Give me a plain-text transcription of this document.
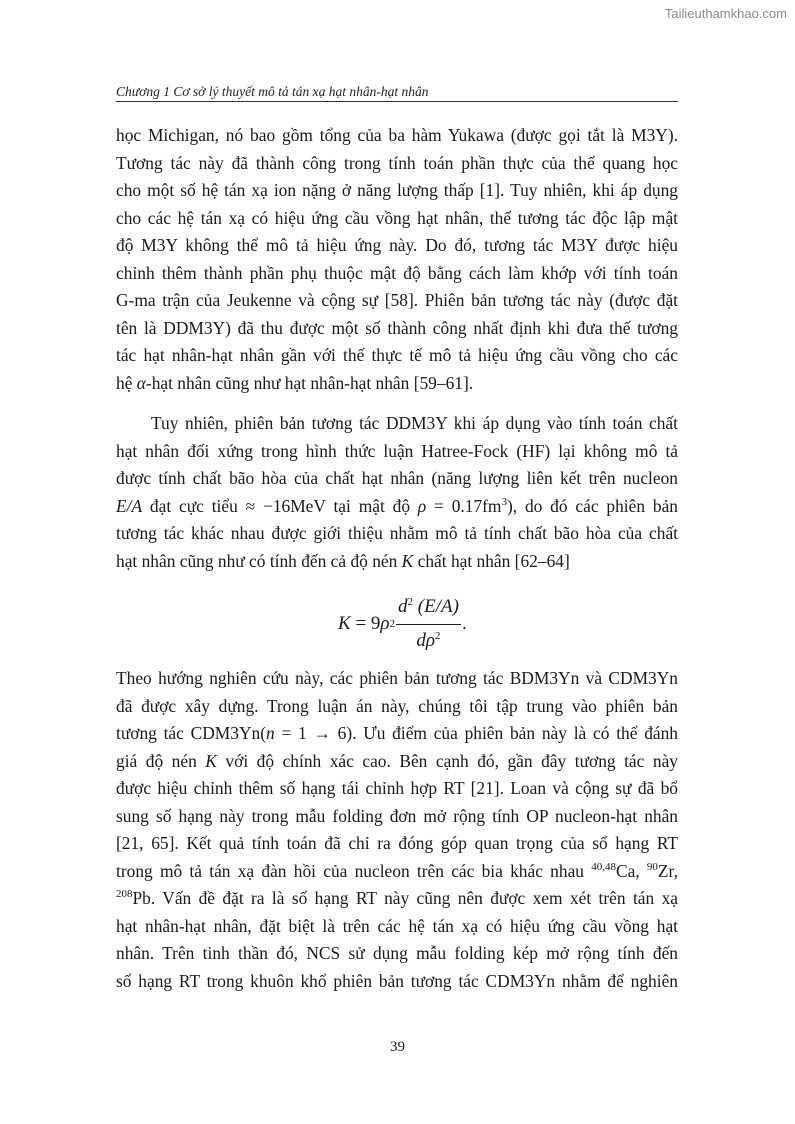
Tailieuthamkhao.com
Chương 1 Cơ sở lý thuyết mô tả tán xạ hạt nhân-hạt nhân

học Michigan, nó bao gồm tổng của ba hàm Yukawa (được gọi tắt là M3Y).
Tương tác này đã thành công trong tính toán phần thực của thế quang học
cho một số hệ tán xạ ion nặng ở năng lượng thấp [1]. Tuy nhiên, khi áp dụng
cho các hệ tán xạ có hiệu ứng cầu vồng hạt nhân, thế tương tác độc lập mật
độ M3Y không thể mô tả hiệu ứng này. Do đó, tương tác M3Y được hiệu
chỉnh thêm thành phần phụ thuộc mật độ bằng cách làm khớp với tính toán
G-ma trận của Jeukenne và cộng sự [58]. Phiên bản tương tác này (được đặt
tên là DDM3Y) đã thu được một số thành công nhất định khi đưa thế tương
tác hạt nhân-hạt nhân gần với thế thực tế mô tả hiệu ứng cầu vồng cho các
hệ α-hạt nhân cũng như hạt nhân-hạt nhân [59–61].

Tuy nhiên, phiên bản tương tác DDM3Y khi áp dụng vào tính toán chất
hạt nhân đối xứng trong hình thức luận Hatree-Fock (HF) lại không mô tả
được tính chất bão hòa của chất hạt nhân (năng lượng liên kết trên nucleon
E/A đạt cực tiểu ≈ −16MeV tại mật độ $\rho = 0.17fm^3$), do đó các phiên bản
tương tác khác nhau được giới thiệu nhằm mô tả tính chất bão hòa của chất
hạt nhân cũng như có tính đến cả độ nén K chất hạt nhân [62–64]

K = 9 ρ $2 \frac{d^2 (E/A)}{d\rho^2}$ .

Theo hướng nghiên cứu này, các phiên bản tương tác BDM3Yn và CDM3Yn
đã được xây dựng. Trong luận án này, chúng tôi tập trung vào phiên bản
tương tác CDM3Yn(n = 1 → 6). Ưu điểm của phiên bản này là có thể đánh
giá độ nén K với độ chính xác cao. Bên cạnh đó, gần đây tương tác này
được hiệu chỉnh thêm số hạng tái chỉnh hợp RT [21]. Loan và cộng sự đã bổ
sung số hạng này trong mẫu folding đơn mở rộng tính OP nucleon-hạt nhân
[21, 65]. Kết quả tính toán đã chỉ ra đóng góp quan trọng của số hạng RT
trong mô tả tán xạ đàn hồi của nucleon trên các bia khác nhau $^{40,48}$Ca, $^{90}$Zr,
$^{208}$Pb. Vấn đề đặt ra là số hạng RT này cũng nên được xem xét trên tán xạ
hạt nhân-hạt nhân, đặt biệt là trên các hệ tán xạ có hiệu ứng cầu vồng hạt
nhân. Trên tinh thần đó, NCS sử dụng mẫu folding kép mở rộng tính đến
số hạng RT trong khuôn khổ phiên bản tương tác CDM3Yn nhằm để nghiên

39
